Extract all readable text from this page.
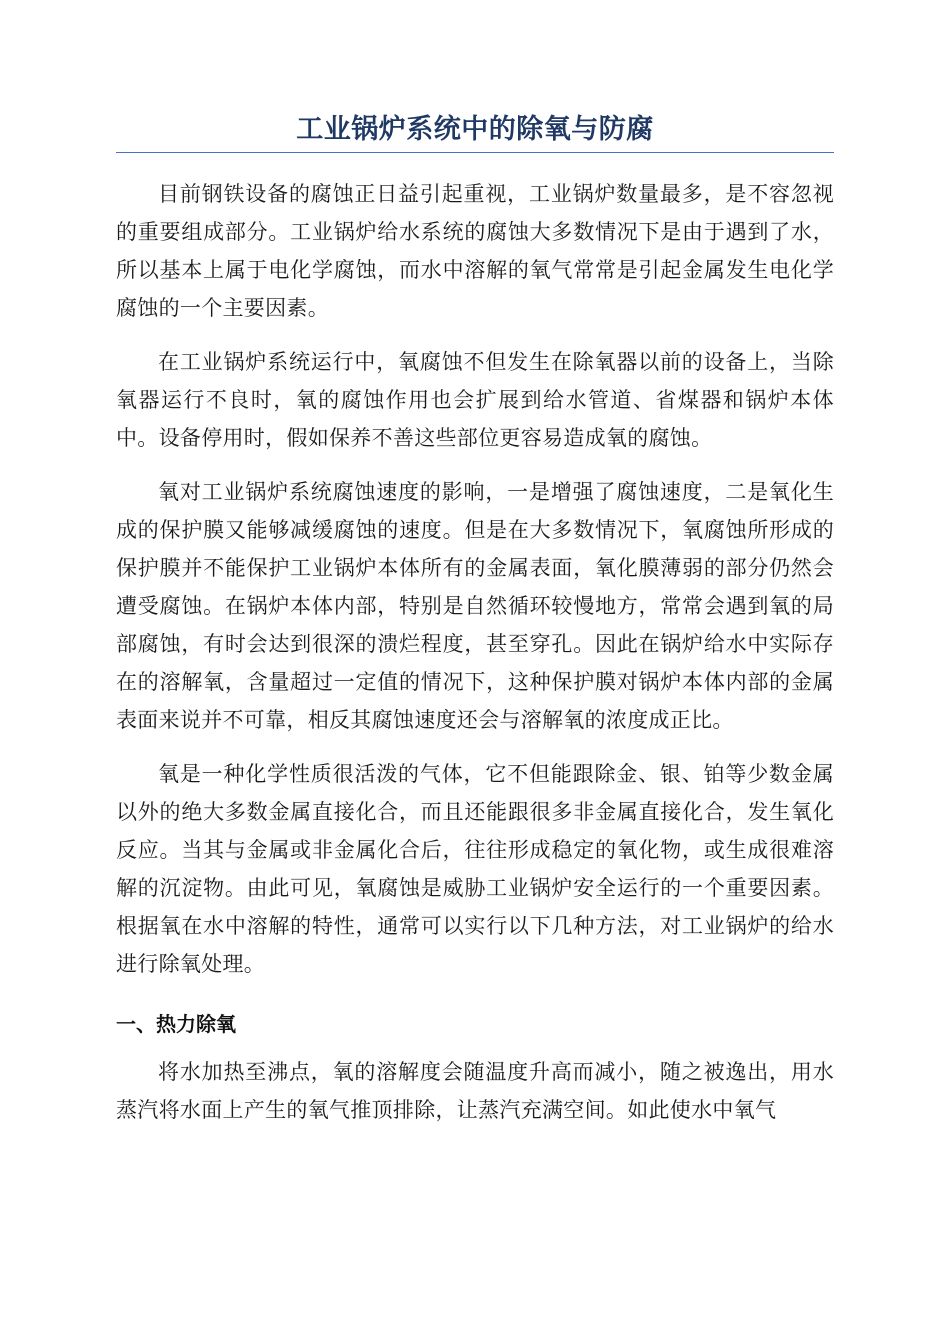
工业锅炉系统中的除氧与防腐

目前钢铁设备的腐蚀正日益引起重视，工业锅炉数量最多，是不容忽视的重要组成部分。工业锅炉给水系统的腐蚀大多数情况下是由于遇到了水，所以基本上属于电化学腐蚀，而水中溶解的氧气常常是引起金属发生电化学腐蚀的一个主要因素。

在工业锅炉系统运行中，氧腐蚀不但发生在除氧器以前的设备上，当除氧器运行不良时，氧的腐蚀作用也会扩展到给水管道、省煤器和锅炉本体中。设备停用时，假如保养不善这些部位更容易造成氧的腐蚀。

氧对工业锅炉系统腐蚀速度的影响，一是增强了腐蚀速度，二是氧化生成的保护膜又能够减缓腐蚀的速度。但是在大多数情况下，氧腐蚀所形成的保护膜并不能保护工业锅炉本体所有的金属表面，氧化膜薄弱的部分仍然会遭受腐蚀。在锅炉本体内部，特别是自然循环较慢地方，常常会遇到氧的局部腐蚀，有时会达到很深的溃烂程度，甚至穿孔。因此在锅炉给水中实际存在的溶解氧，含量超过一定值的情况下，这种保护膜对锅炉本体内部的金属表面来说并不可靠，相反其腐蚀速度还会与溶解氧的浓度成正比。

氧是一种化学性质很活泼的气体，它不但能跟除金、银、铂等少数金属以外的绝大多数金属直接化合，而且还能跟很多非金属直接化合，发生氧化反应。当其与金属或非金属化合后，往往形成稳定的氧化物，或生成很难溶解的沉淀物。由此可见，氧腐蚀是威胁工业锅炉安全运行的一个重要因素。根据氧在水中溶解的特性，通常可以实行以下几种方法，对工业锅炉的给水进行除氧处理。

一、热力除氧

将水加热至沸点，氧的溶解度会随温度升高而减小，随之被逸出，用水蒸汽将水面上产生的氧气推顶排除，让蒸汽充满空间。如此使水中氧气
